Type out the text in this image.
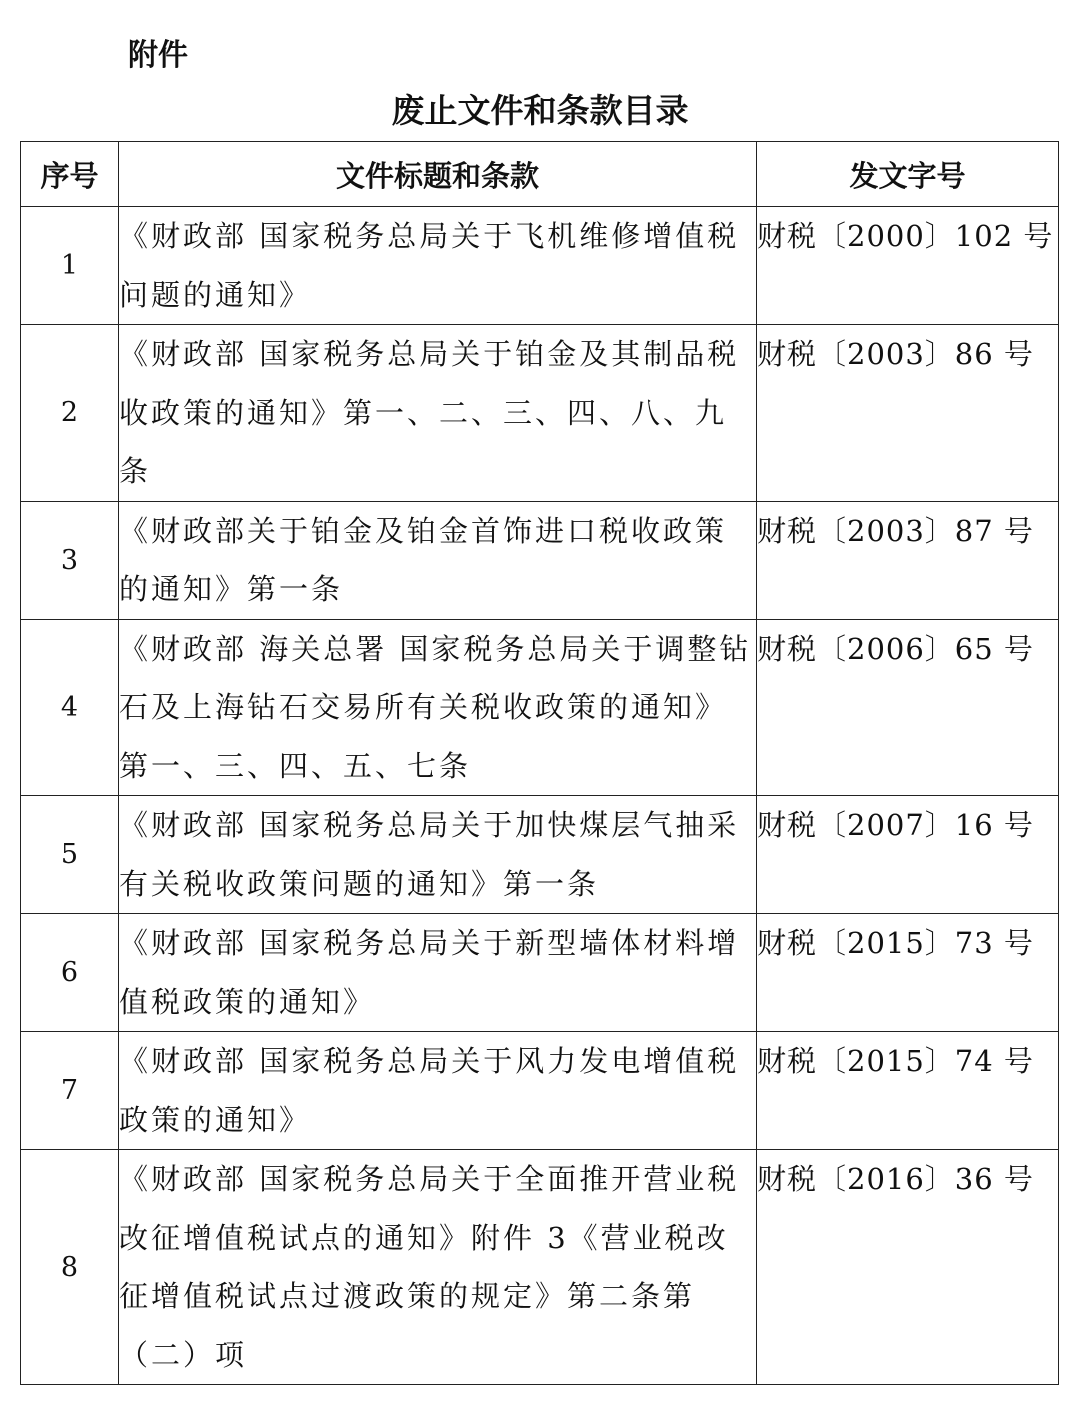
附件
废止文件和条款目录
序号	文件标题和条款	发文字号
1	《财政部 国家税务总局关于飞机维修增值税问题的通知》	财税〔2000〕102 号
2	《财政部 国家税务总局关于铂金及其制品税收政策的通知》第一、二、三、四、八、九条	财税〔2003〕86 号
3	《财政部关于铂金及铂金首饰进口税收政策的通知》第一条	财税〔2003〕87 号
4	《财政部 海关总署 国家税务总局关于调整钻石及上海钻石交易所有关税收政策的通知》第一、三、四、五、七条	财税〔2006〕65 号
5	《财政部 国家税务总局关于加快煤层气抽采有关税收政策问题的通知》第一条	财税〔2007〕16 号
6	《财政部 国家税务总局关于新型墙体材料增值税政策的通知》	财税〔2015〕73 号
7	《财政部 国家税务总局关于风力发电增值税政策的通知》	财税〔2015〕74 号
8	《财政部 国家税务总局关于全面推开营业税改征增值税试点的通知》附件 3《营业税改征增值税试点过渡政策的规定》第二条第（二）项	财税〔2016〕36 号
